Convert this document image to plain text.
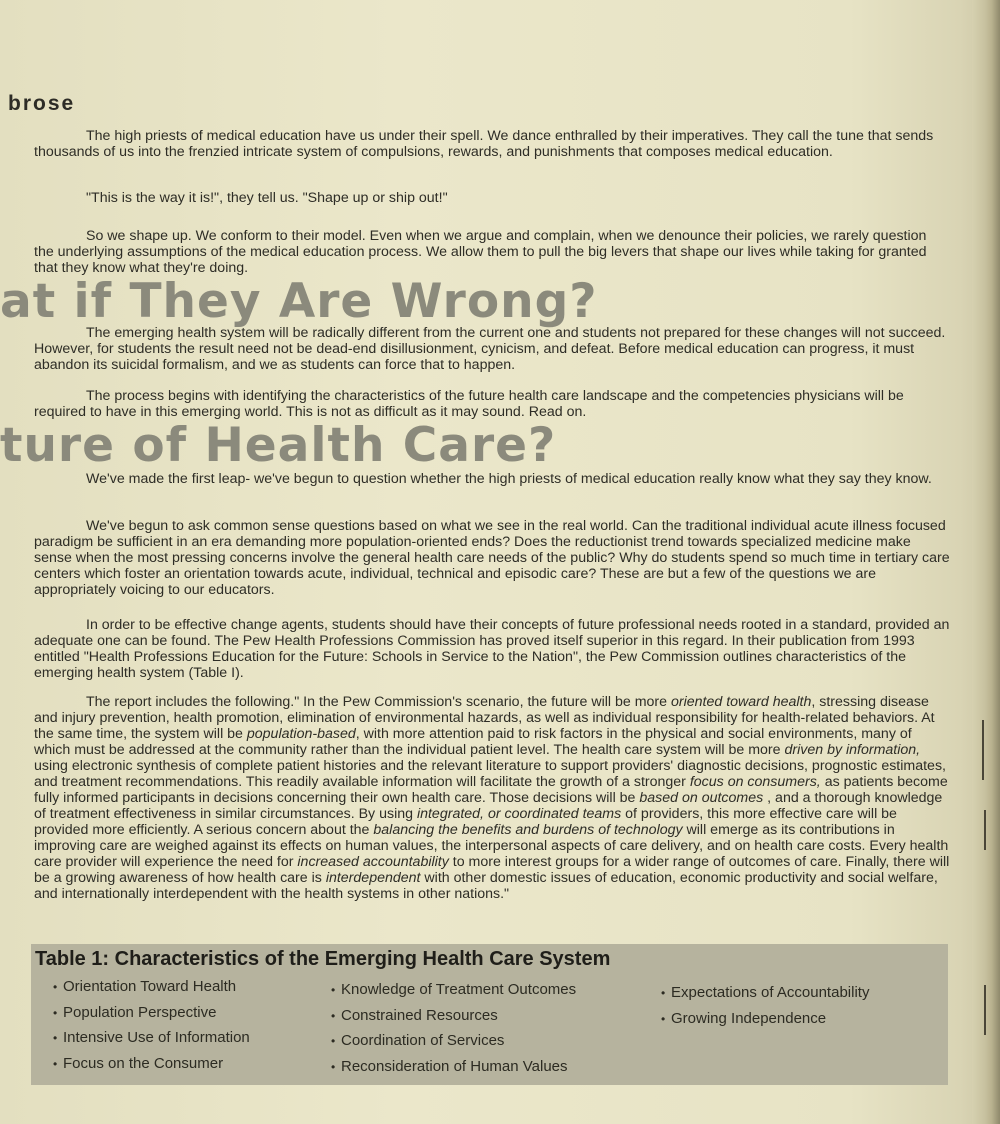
brose

The high priests of medical education have us under their spell. We dance enthralled by their imperatives. They call the tune that sends thousands of us into the frenzied intricate system of compulsions, rewards, and punishments that composes medical education.

"This is the way it is!", they tell us. "Shape up or ship out!"

So we shape up. We conform to their model. Even when we argue and complain, when we denounce their policies, we rarely question the underlying assumptions of the medical education process. We allow them to pull the big levers that shape our lives while taking for granted that they know what they're doing.

at if They Are Wrong?

The emerging health system will be radically different from the current one and students not prepared for these changes will not succeed. However, for students the result need not be dead-end disillusionment, cynicism, and defeat. Before medical education can progress, it must abandon its suicidal formalism, and we as students can force that to happen.

The process begins with identifying the characteristics of the future health care landscape and the competencies physicians will be required to have in this emerging world. This is not as difficult as it may sound. Read on.

ture of Health Care?

We've made the first leap- we've begun to question whether the high priests of medical education really know what they say they know.

We've begun to ask common sense questions based on what we see in the real world. Can the traditional individual acute illness focused paradigm be sufficient in an era demanding more population-oriented ends? Does the reductionist trend towards specialized medicine make sense when the most pressing concerns involve the general health care needs of the public? Why do students spend so much time in tertiary care centers which foster an orientation towards acute, individual, technical and episodic care? These are but a few of the questions we are appropriately voicing to our educators.

In order to be effective change agents, students should have their concepts of future professional needs rooted in a standard, provided an adequate one can be found. The Pew Health Professions Commission has proved itself superior in this regard. In their publication from 1993 entitled "Health Professions Education for the Future: Schools in Service to the Nation", the Pew Commission outlines characteristics of the emerging health system (Table I).

The report includes the following." In the Pew Commission's scenario, the future will be more oriented toward health, stressing disease and injury prevention, health promotion, elimination of environmental hazards, as well as individual responsibility for health-related behaviors. At the same time, the system will be population-based, with more attention paid to risk factors in the physical and social environments, many of which must be addressed at the community rather than the individual patient level. The health care system will be more driven by information, using electronic synthesis of complete patient histories and the relevant literature to support providers' diagnostic decisions, prognostic estimates, and treatment recommendations. This readily available information will facilitate the growth of a stronger focus on consumers, as patients become fully informed participants in decisions concerning their own health care. Those decisions will be based on outcomes , and a thorough knowledge of treatment effectiveness in similar circumstances. By using integrated, or coordinated teams of providers, this more effective care will be provided more efficiently. A serious concern about the balancing the benefits and burdens of technology will emerge as its contributions in improving care are weighed against its effects on human values, the interpersonal aspects of care delivery, and on health care costs. Every health care provider will experience the need for increased accountability to more interest groups for a wider range of outcomes of care. Finally, there will be a growing awareness of how health care is interdependent with other domestic issues of education, economic productivity and social welfare, and internationally interdependent with the health systems in other nations."

Table 1: Characteristics of the Emerging Health Care System
• Orientation Toward Health
• Population Perspective
• Intensive Use of Information
• Focus on the Consumer
• Knowledge of Treatment Outcomes
• Constrained Resources
• Coordination of Services
• Reconsideration of Human Values
• Expectations of Accountability
• Growing Independence
